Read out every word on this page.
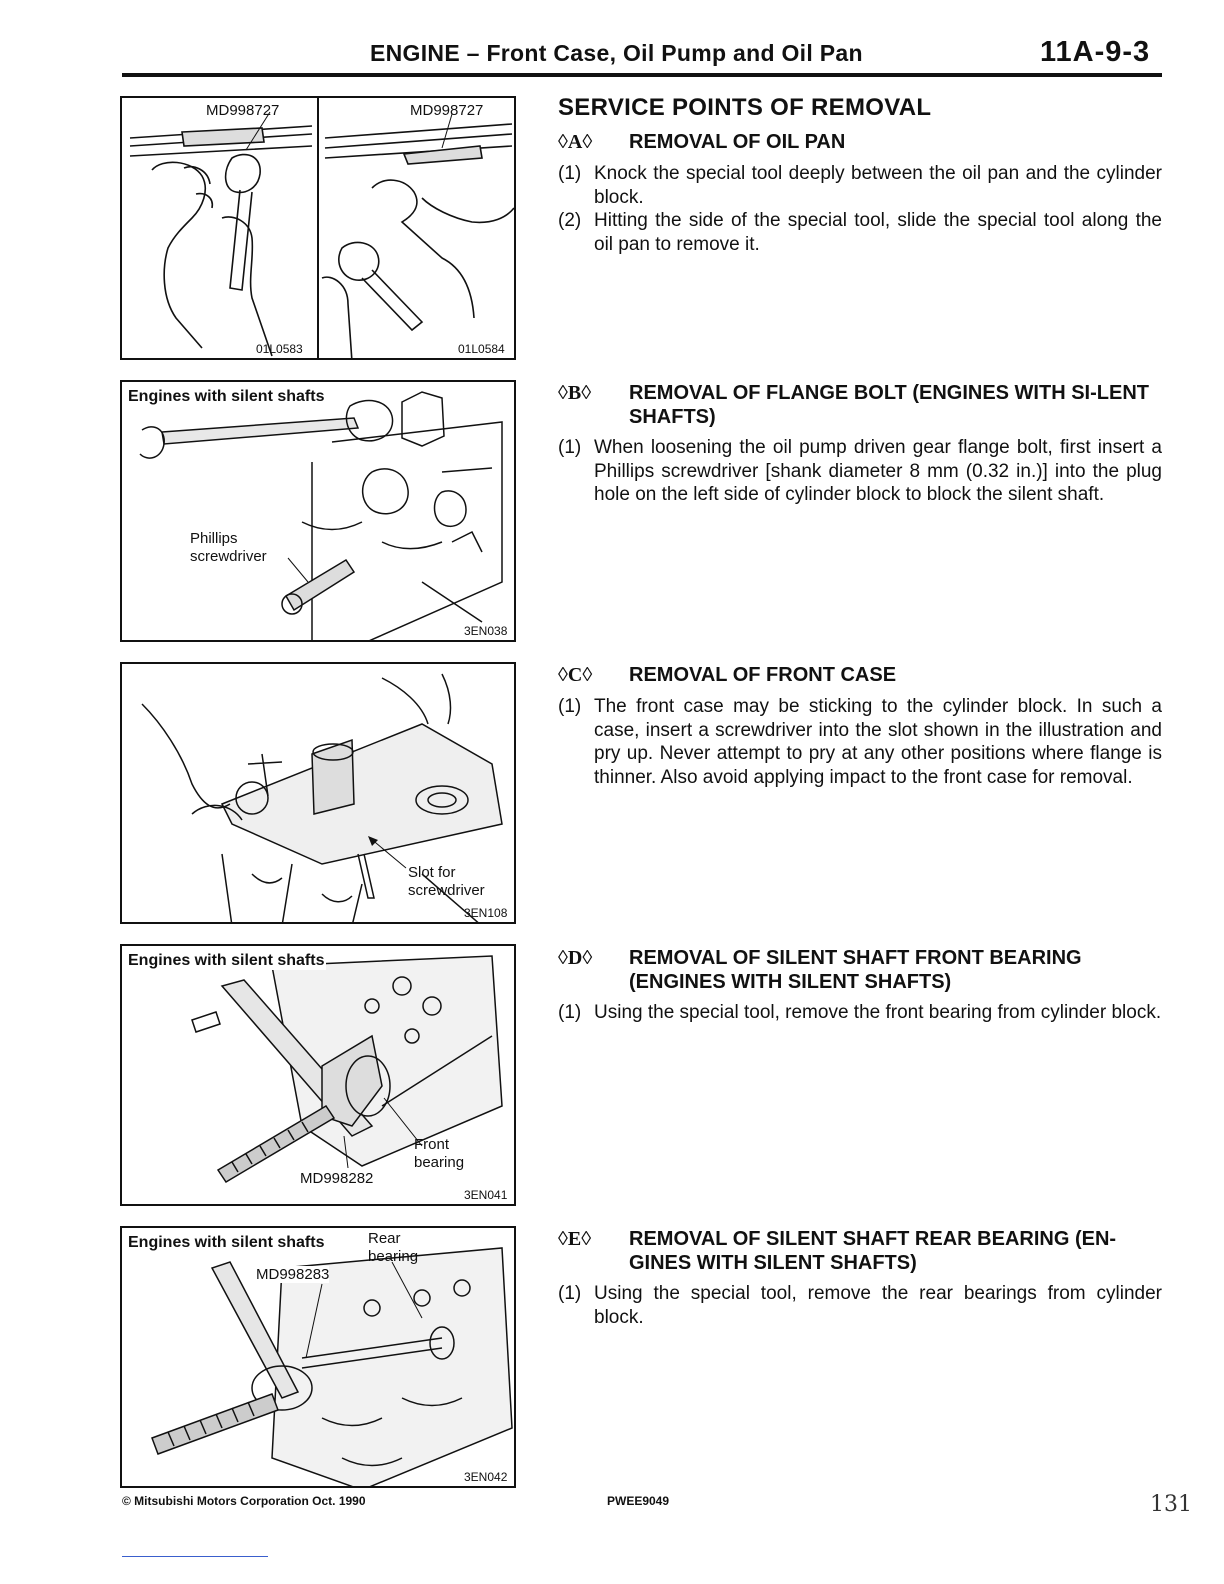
ENGINE – Front Case, Oil Pump and Oil Pan	11A-9-3
MD998727	MD998727
01L0583	01L0584
Engines with silent shafts
Phillips
screwdriver
3EN038
Slot for
screwdriver
3EN108
Engines with silent shafts
Front
bearing
MD998282
3EN041
Engines with silent shafts	Rear
bearing
MD998283
3EN042
SERVICE POINTS OF REMOVAL
◊A◊ REMOVAL OF OIL PAN
(1) Knock the special tool deeply between the oil pan and the cylinder block.
(2) Hitting the side of the special tool, slide the special tool along the oil pan to remove it.
◊B◊ REMOVAL OF FLANGE BOLT (ENGINES WITH SI-LENT SHAFTS)
(1) When loosening the oil pump driven gear flange bolt, first insert a Phillips screwdriver [shank diameter 8 mm (0.32 in.)] into the plug hole on the left side of cylinder block to block the silent shaft.
◊C◊ REMOVAL OF FRONT CASE
(1) The front case may be sticking to the cylinder block. In such a case, insert a screwdriver into the slot shown in the illustration and pry up. Never attempt to pry at any other positions where flange is thinner. Also avoid applying impact to the front case for removal.
◊D◊ REMOVAL OF SILENT SHAFT FRONT BEARING (ENGINES WITH SILENT SHAFTS)
(1) Using the special tool, remove the front bearing from cylinder block.
◊E◊ REMOVAL OF SILENT SHAFT REAR BEARING (EN-GINES WITH SILENT SHAFTS)
(1) Using the special tool, remove the rear bearings from cylinder block.
© Mitsubishi Motors Corporation Oct. 1990	PWEE9049	131
